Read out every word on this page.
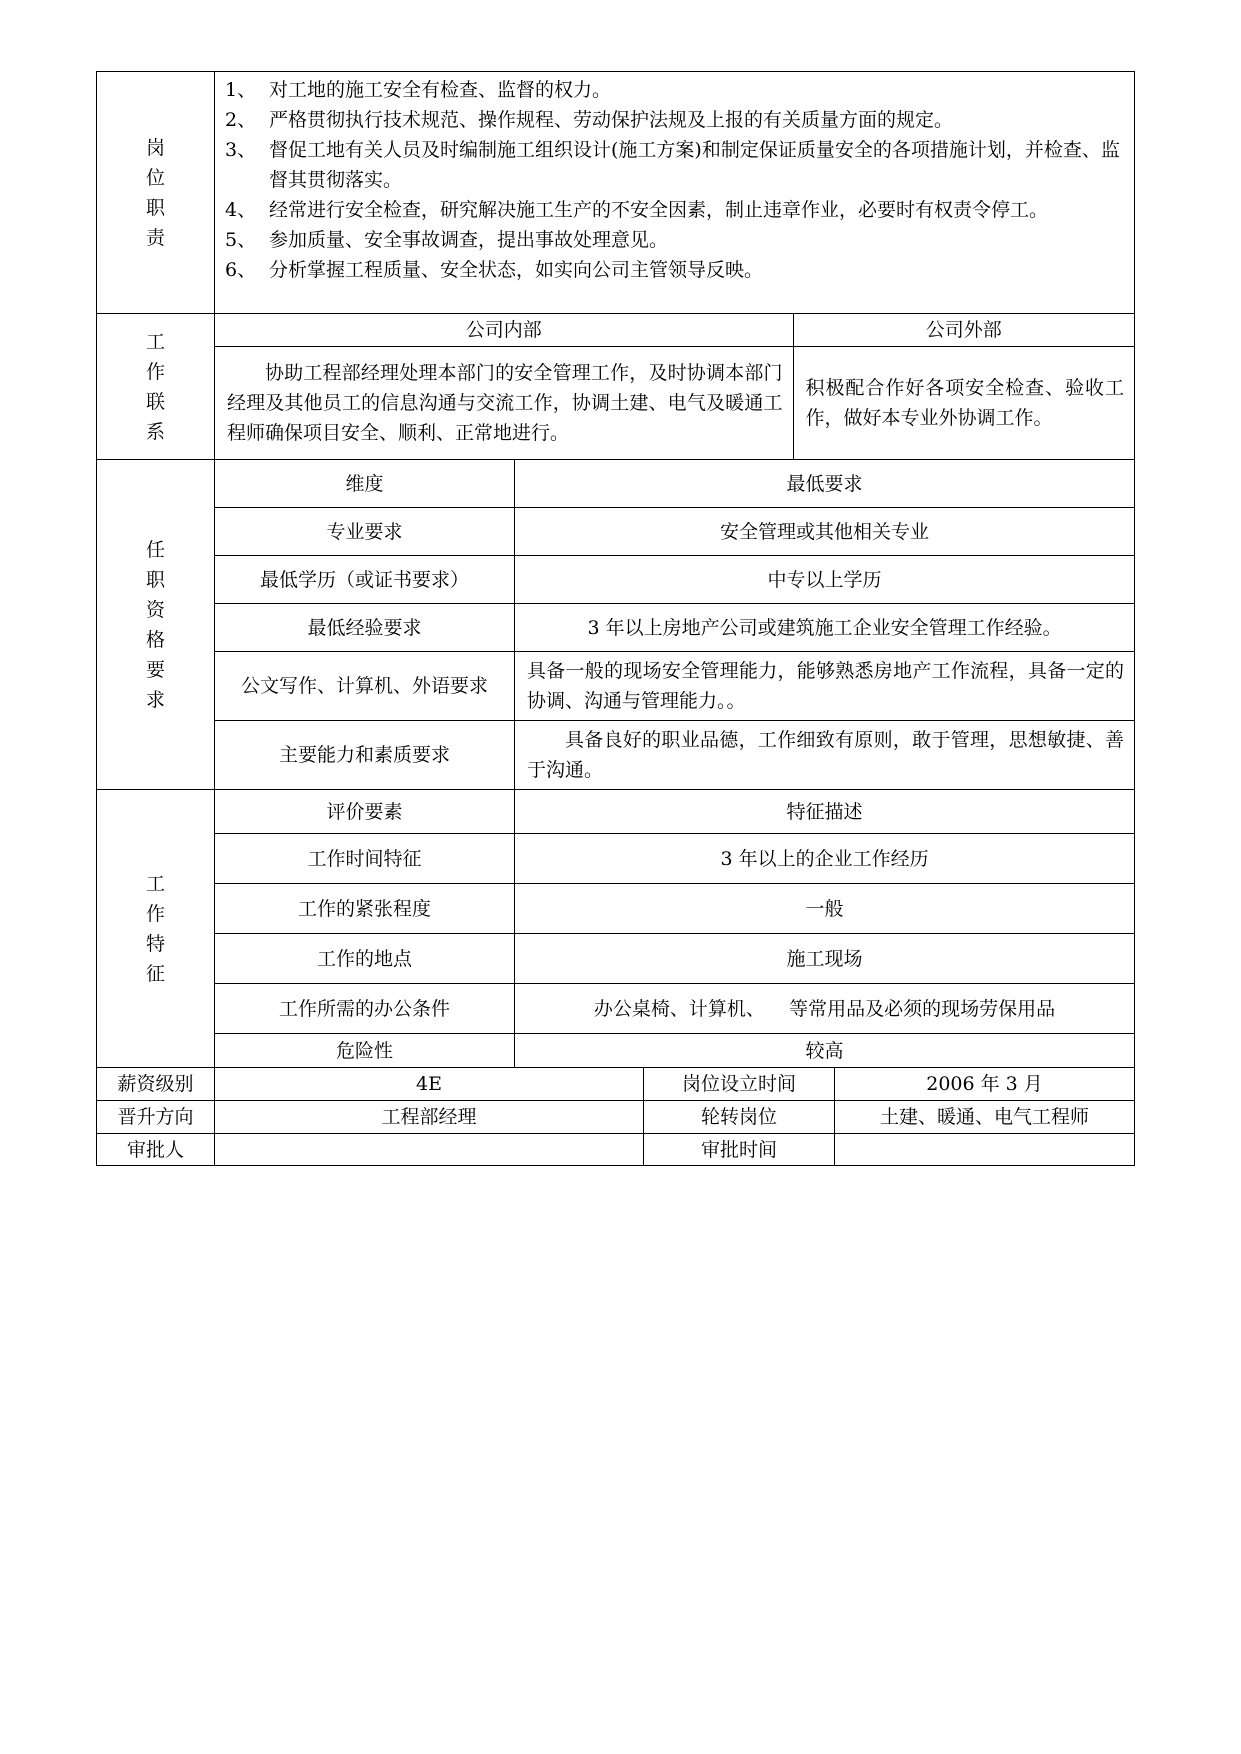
岗
位
职
责

1、 对工地的施工安全有检查、监督的权力。
2、 严格贯彻执行技术规范、操作规程、劳动保护法规及上报的有关质量方面的规定。
3、 督促工地有关人员及时编制施工组织设计(施工方案)和制定保证质量安全的各项措施计划，并检查、监督其贯彻落实。
4、 经常进行安全检查，研究解决施工生产的不安全因素，制止违章作业，必要时有权责令停工。
5、 参加质量、安全事故调查，提出事故处理意见。
6、 分析掌握工程质量、安全状态，如实向公司主管领导反映。

工
作
联
系

公司内部	公司外部
协助工程部经理处理本部门的安全管理工作，及时协调本部门经理及其他员工的信息沟通与交流工作，协调土建、电气及暖通工程师确保项目安全、顺利、正常地进行。	积极配合作好各项安全检查、验收工作，做好本专业外协调工作。

任
职
资
格
要
求
	维度	最低要求
专业要求	安全管理或其他相关专业
最低学历（或证书要求）	中专以上学历
最低经验要求	3 年以上房地产公司或建筑施工企业安全管理工作经验。
公文写作、计算机、外语要求	具备一般的现场安全管理能力，能够熟悉房地产工作流程，具备一定的协调、沟通与管理能力。。
主要能力和素质要求	具备良好的职业品德，工作细致有原则，敢于管理，思想敏捷、善于沟通。

工
作
特
征
	评价要素	特征描述
工作时间特征	3 年以上的企业工作经历
工作的紧张程度	一般
工作的地点	施工现场
工作所需的办公条件	办公桌椅、计算机、    等常用品及必须的现场劳保用品
危险性	较高
薪资级别	4E	岗位设立时间	2006 年 3 月
晋升方向	工程部经理	轮转岗位	土建、暖通、电气工程师
审批人		审批时间	
